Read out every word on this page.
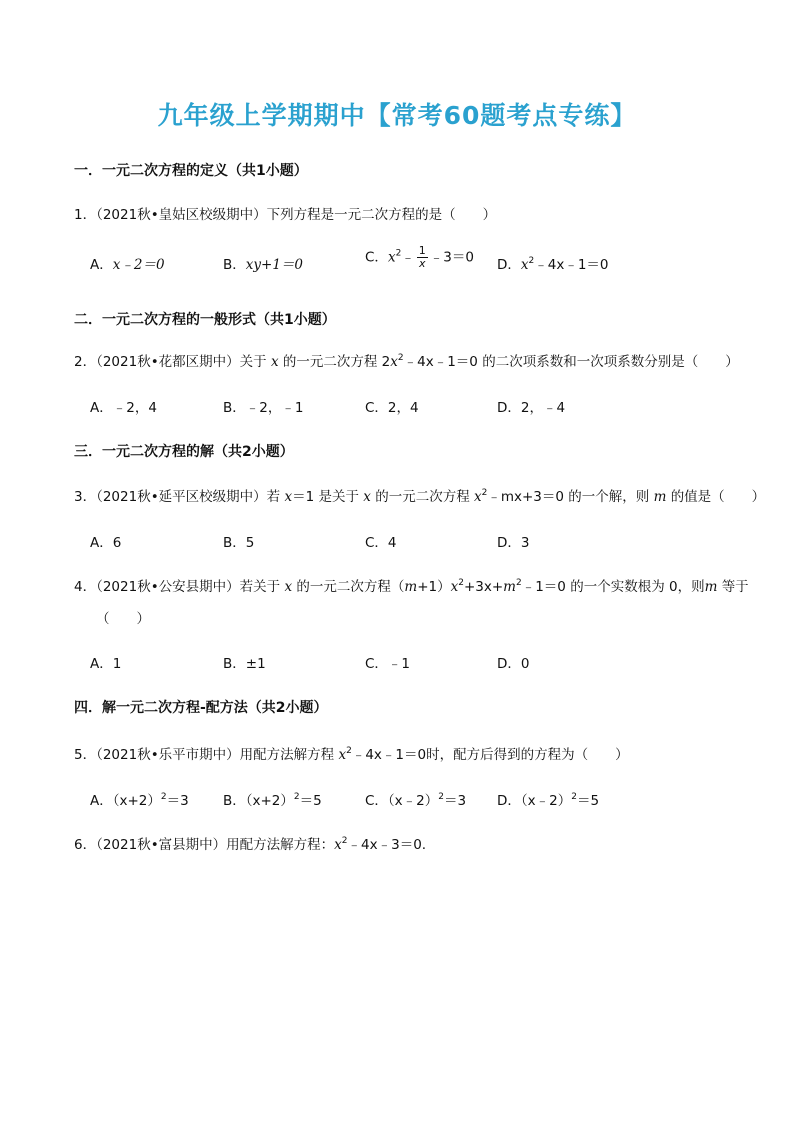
九年级上学期期中【常考60题考点专练】
一．一元二次方程的定义（共1小题）
1．（2021秋•皇姑区校级期中）下列方程是一元二次方程的是（　　）
A．x﹣2＝0	B．xy+1＝0	C．$x^2﹣ \frac{1}{x}$ ﹣3＝0 D．$x^2﹣4x﹣1=0$
二．一元二次方程的一般形式（共1小题）
2．（2021秋•花都区期中）关于 x 的一元二次方程 $2x^2﹣4x﹣1=0$ 的二次项系数和一次项系数分别是（　　）
A．﹣2，4	B．﹣2，﹣1	C．2，4	D．2，﹣4
三．一元二次方程的解（共2小题）
3．（2021秋•延平区校级期中）若 x＝1 是关于 x 的一元二次方程 $x^2﹣mx+3=0$ 的一个解，则 m 的值是（　　）
A．6	B．5	C．4	D．3
4．（2021秋•公安县期中）若关于 x 的一元二次方程$(m+1)x^2+3x+m^2﹣1=0$ 的一个实数根为 0，则m 等于
（　　）
A．1	B．±1	C．﹣1	D．0
四．解一元二次方程-配方法（共2小题）
5．（2021秋•乐平市期中）用配方法解方程 $x^2﹣4x﹣1=0$时，配方后得到的方程为（　　）
A．$(x+2)^2=3$	B．$(x+2)^2=5$	C．（x﹣2）$^2$＝3 D．（x﹣2）$^2$＝5
6．（2021秋•富县期中）用配方法解方程：$x^2﹣4x﹣3=0$.
